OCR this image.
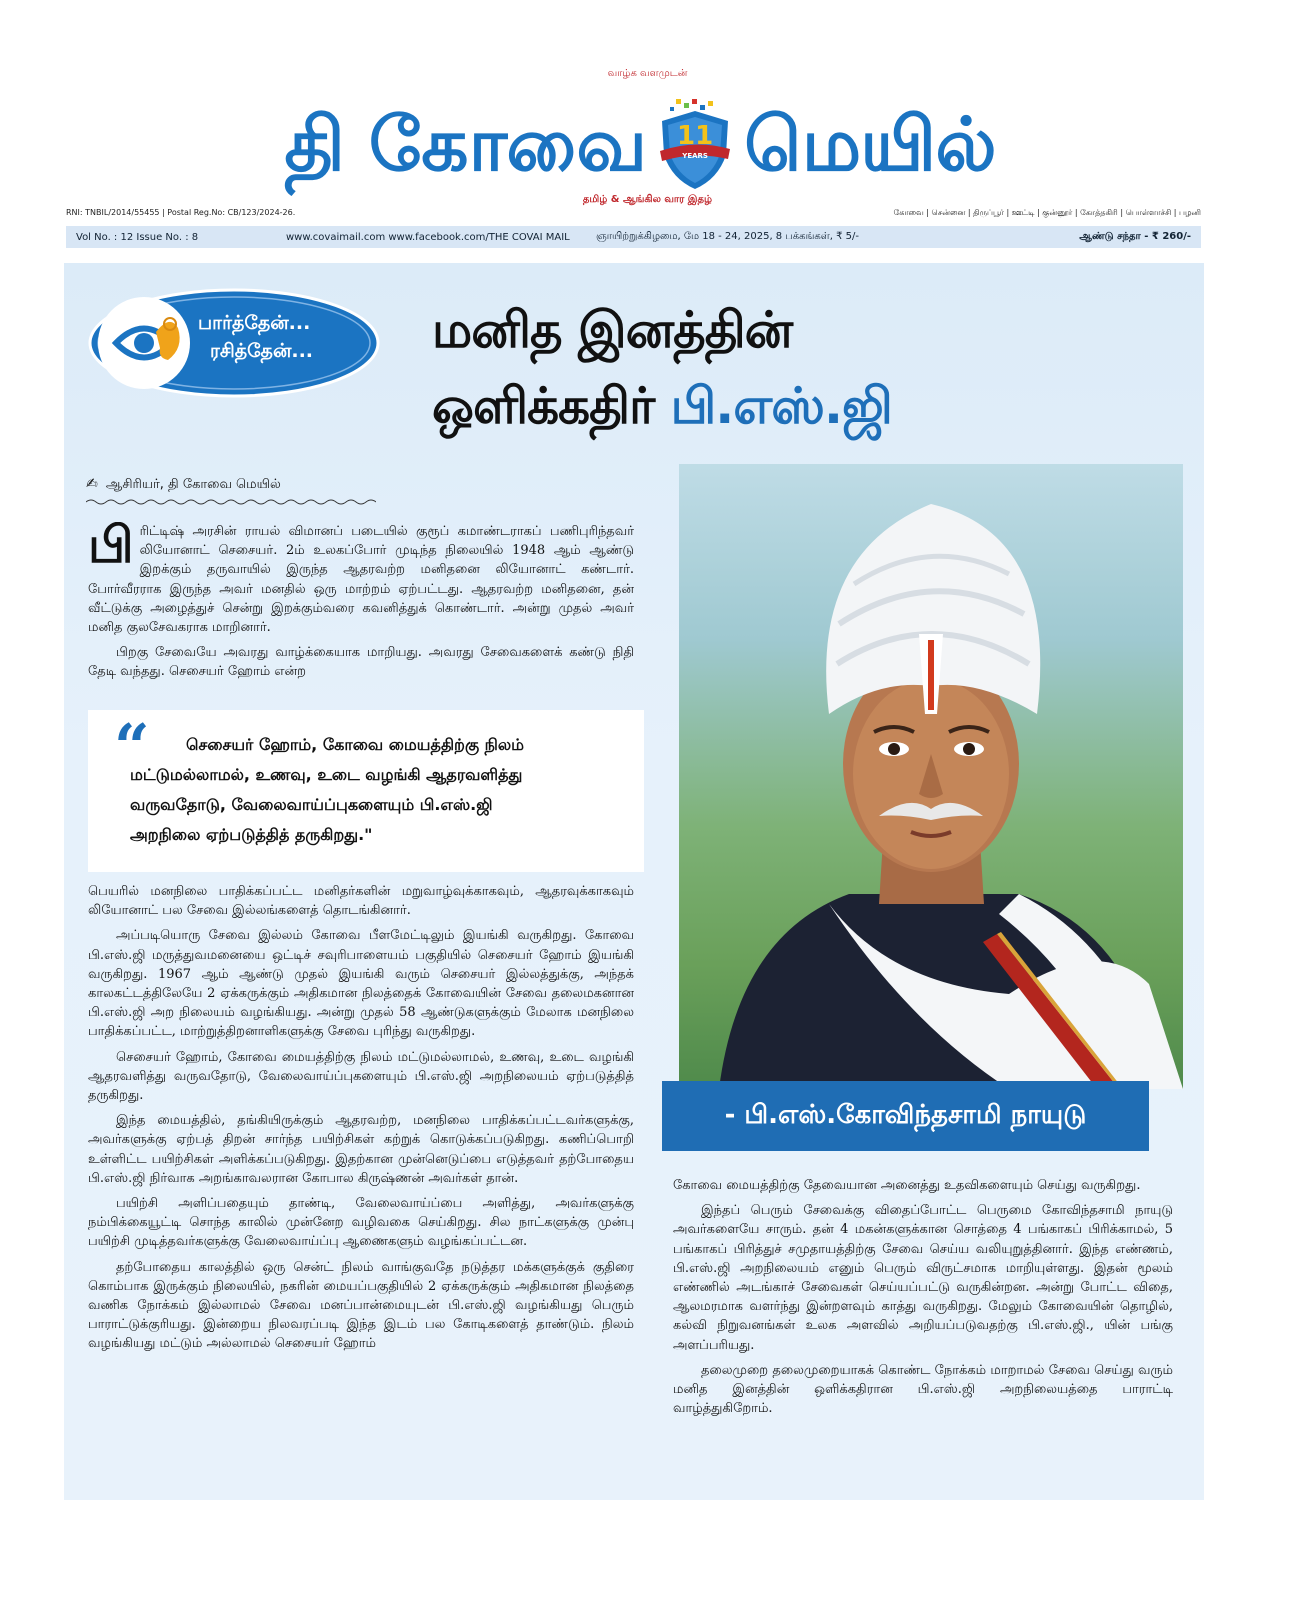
வாழ்க வளமுடன்
தி கோவை	11
YEARS மெயில்
தமிழ் & ஆங்கில வார இதழ்
RNI: TNBIL/2014/55455 | Postal Reg.No: CB/123/2024-26.	கோவை | சென்னை | திருப்பூர் | ஊட்டி | குன்னூர் | கோத்தகிரி | பொள்ளாச்சி | பழனி
Vol No. : 12 Issue No. : 8	www.covaimail.com www.facebook.com/THE COVAI MAIL	ஞாயிற்றுக்கிழமை, மே 18 - 24, 2025, 8 பக்கங்கள், ₹ 5/-	ஆண்டு சந்தா - ₹ 260/-
பார்த்தேன்...
ரசித்தேன்... மனித இனத்தின்
ஒளிக்கதிர் பி.எஸ்.ஜி
✍ ஆசிரியர், தி கோவை மெயில்

பிரிட்டிஷ் அரசின் ராயல் விமானப் படையில் குரூப் கமாண்டராகப் பணிபுரிந்தவர் லியோனாட் செசையர். 2ம் உலகப்போர் முடிந்த நிலையில் 1948 ஆம் ஆண்டு இறக்கும் தருவாயில் இருந்த ஆதரவற்ற மனிதனை லியோனாட் கண்டார். போர்வீரராக இருந்த அவர் மனதில் ஒரு மாற்றம் ஏற்பட்டது. ஆதரவற்ற மனிதனை, தன் வீட்டுக்கு அழைத்துச் சென்று இறக்கும்வரை கவனித்துக் கொண்டார். அன்று முதல் அவர் மனித குலசேவகராக மாறினார்.

பிறகு சேவையே அவரது வாழ்க்கையாக மாறியது. அவரது சேவைகளைக் கண்டு நிதி தேடி வந்தது. செசையர் ஹோம் என்ற

“	செசையர் ஹோம், கோவை மையத்திற்கு நிலம்
மட்டுமல்லாமல், உணவு, உடை வழங்கி ஆதரவளித்து
வருவதோடு, வேலைவாய்ப்புகளையும் பி.எஸ்.ஜி
அறநிலை ஏற்படுத்தித் தருகிறது."

பெயரில் மனநிலை பாதிக்கப்பட்ட மனிதர்களின் மறுவாழ்வுக்காகவும், ஆதரவுக்காகவும் லியோனாட் பல சேவை இல்லங்களைத் தொடங்கினார்.

அப்படியொரு சேவை இல்லம் கோவை பீளமேட்டிலும் இயங்கி வருகிறது. கோவை பி.எஸ்.ஜி மருத்துவமனையை ஒட்டிச் சவுரிபாளையம் பகுதியில் செசையர் ஹோம் இயங்கி வருகிறது. 1967 ஆம் ஆண்டு முதல் இயங்கி வரும் செசையர் இல்லத்துக்கு, அந்தக் காலகட்டத்திலேயே 2 ஏக்கருக்கும் அதிகமான நிலத்தைக் கோவையின் சேவை தலைமகனான பி.எஸ்.ஜி அற நிலையம் வழங்கியது. அன்று முதல் 58 ஆண்டுகளுக்கும் மேலாக மனநிலை பாதிக்கப்பட்ட, மாற்றுத்திறனாளிகளுக்கு சேவை புரிந்து வருகிறது.

செசையர் ஹோம், கோவை மையத்திற்கு நிலம் மட்டுமல்லாமல், உணவு, உடை வழங்கி ஆதரவளித்து வருவதோடு, வேலைவாய்ப்புகளையும் பி.எஸ்.ஜி அறநிலையம் ஏற்படுத்தித் தருகிறது.

இந்த மையத்தில், தங்கியிருக்கும் ஆதரவற்ற, மனநிலை பாதிக்கப்பட்டவர்களுக்கு, அவர்களுக்கு ஏற்பத் திறன் சார்ந்த பயிற்சிகள் கற்றுக் கொடுக்கப்படுகிறது. கணிப்பொறி உள்ளிட்ட பயிற்சிகள் அளிக்கப்படுகிறது. இதற்கான முன்னெடுப்பை எடுத்தவர் தற்போதைய பி.எஸ்.ஜி நிர்வாக அறங்காவலரான கோபால கிருஷ்ணன் அவர்கள் தான்.

பயிற்சி அளிப்பதையும் தாண்டி, வேலைவாய்ப்பை அளித்து, அவர்களுக்கு நம்பிக்கையூட்டி சொந்த காலில் முன்னேற வழிவகை செய்கிறது. சில நாட்களுக்கு முன்பு பயிற்சி முடித்தவர்களுக்கு வேலைவாய்ப்பு ஆணைகளும் வழங்கப்பட்டன.

தற்போதைய காலத்தில் ஒரு சென்ட் நிலம் வாங்குவதே நடுத்தர மக்களுக்குக் குதிரை கொம்பாக இருக்கும் நிலையில், நகரின் மையப்பகுதியில் 2 ஏக்கருக்கும் அதிகமான நிலத்தை வணிக நோக்கம் இல்லாமல் சேவை மனப்பான்மையுடன் பி.எஸ்.ஜி வழங்கியது பெரும் பாராட்டுக்குரியது. இன்றைய நிலவரப்படி இந்த இடம் பல கோடிகளைத் தாண்டும். நிலம் வழங்கியது மட்டும் அல்லாமல் செசையர் ஹோம்

- பி.எஸ்.கோவிந்தசாமி நாயுடு

கோவை மையத்திற்கு தேவையான அனைத்து உதவிகளையும் செய்து வருகிறது.

இந்தப் பெரும் சேவைக்கு விதைப்போட்ட பெருமை கோவிந்தசாமி நாயுடு அவர்களையே சாரும். தன் 4 மகன்களுக்கான சொத்தை 4 பங்காகப் பிரிக்காமல், 5 பங்காகப் பிரித்துச் சமுதாயத்திற்கு சேவை செய்ய வலியுறுத்தினார். இந்த எண்ணம், பி.எஸ்.ஜி அறநிலையம் எனும் பெரும் விருட்சமாக மாறியுள்ளது. இதன் மூலம் எண்ணில் அடங்காச் சேவைகள் செய்யப்பட்டு வருகின்றன. அன்று போட்ட விதை, ஆலமரமாக வளர்ந்து இன்றளவும் காத்து வருகிறது. மேலும் கோவையின் தொழில், கல்வி நிறுவனங்கள் உலக அளவில் அறியப்படுவதற்கு பி.எஸ்.ஜி., யின் பங்கு அளப்பரியது.

தலைமுறை தலைமுறையாகக் கொண்ட நோக்கம் மாறாமல் சேவை செய்து வரும் மனித இனத்தின் ஒளிக்கதிரான பி.எஸ்.ஜி அறநிலையத்தை பாராட்டி வாழ்த்துகிறோம்.
